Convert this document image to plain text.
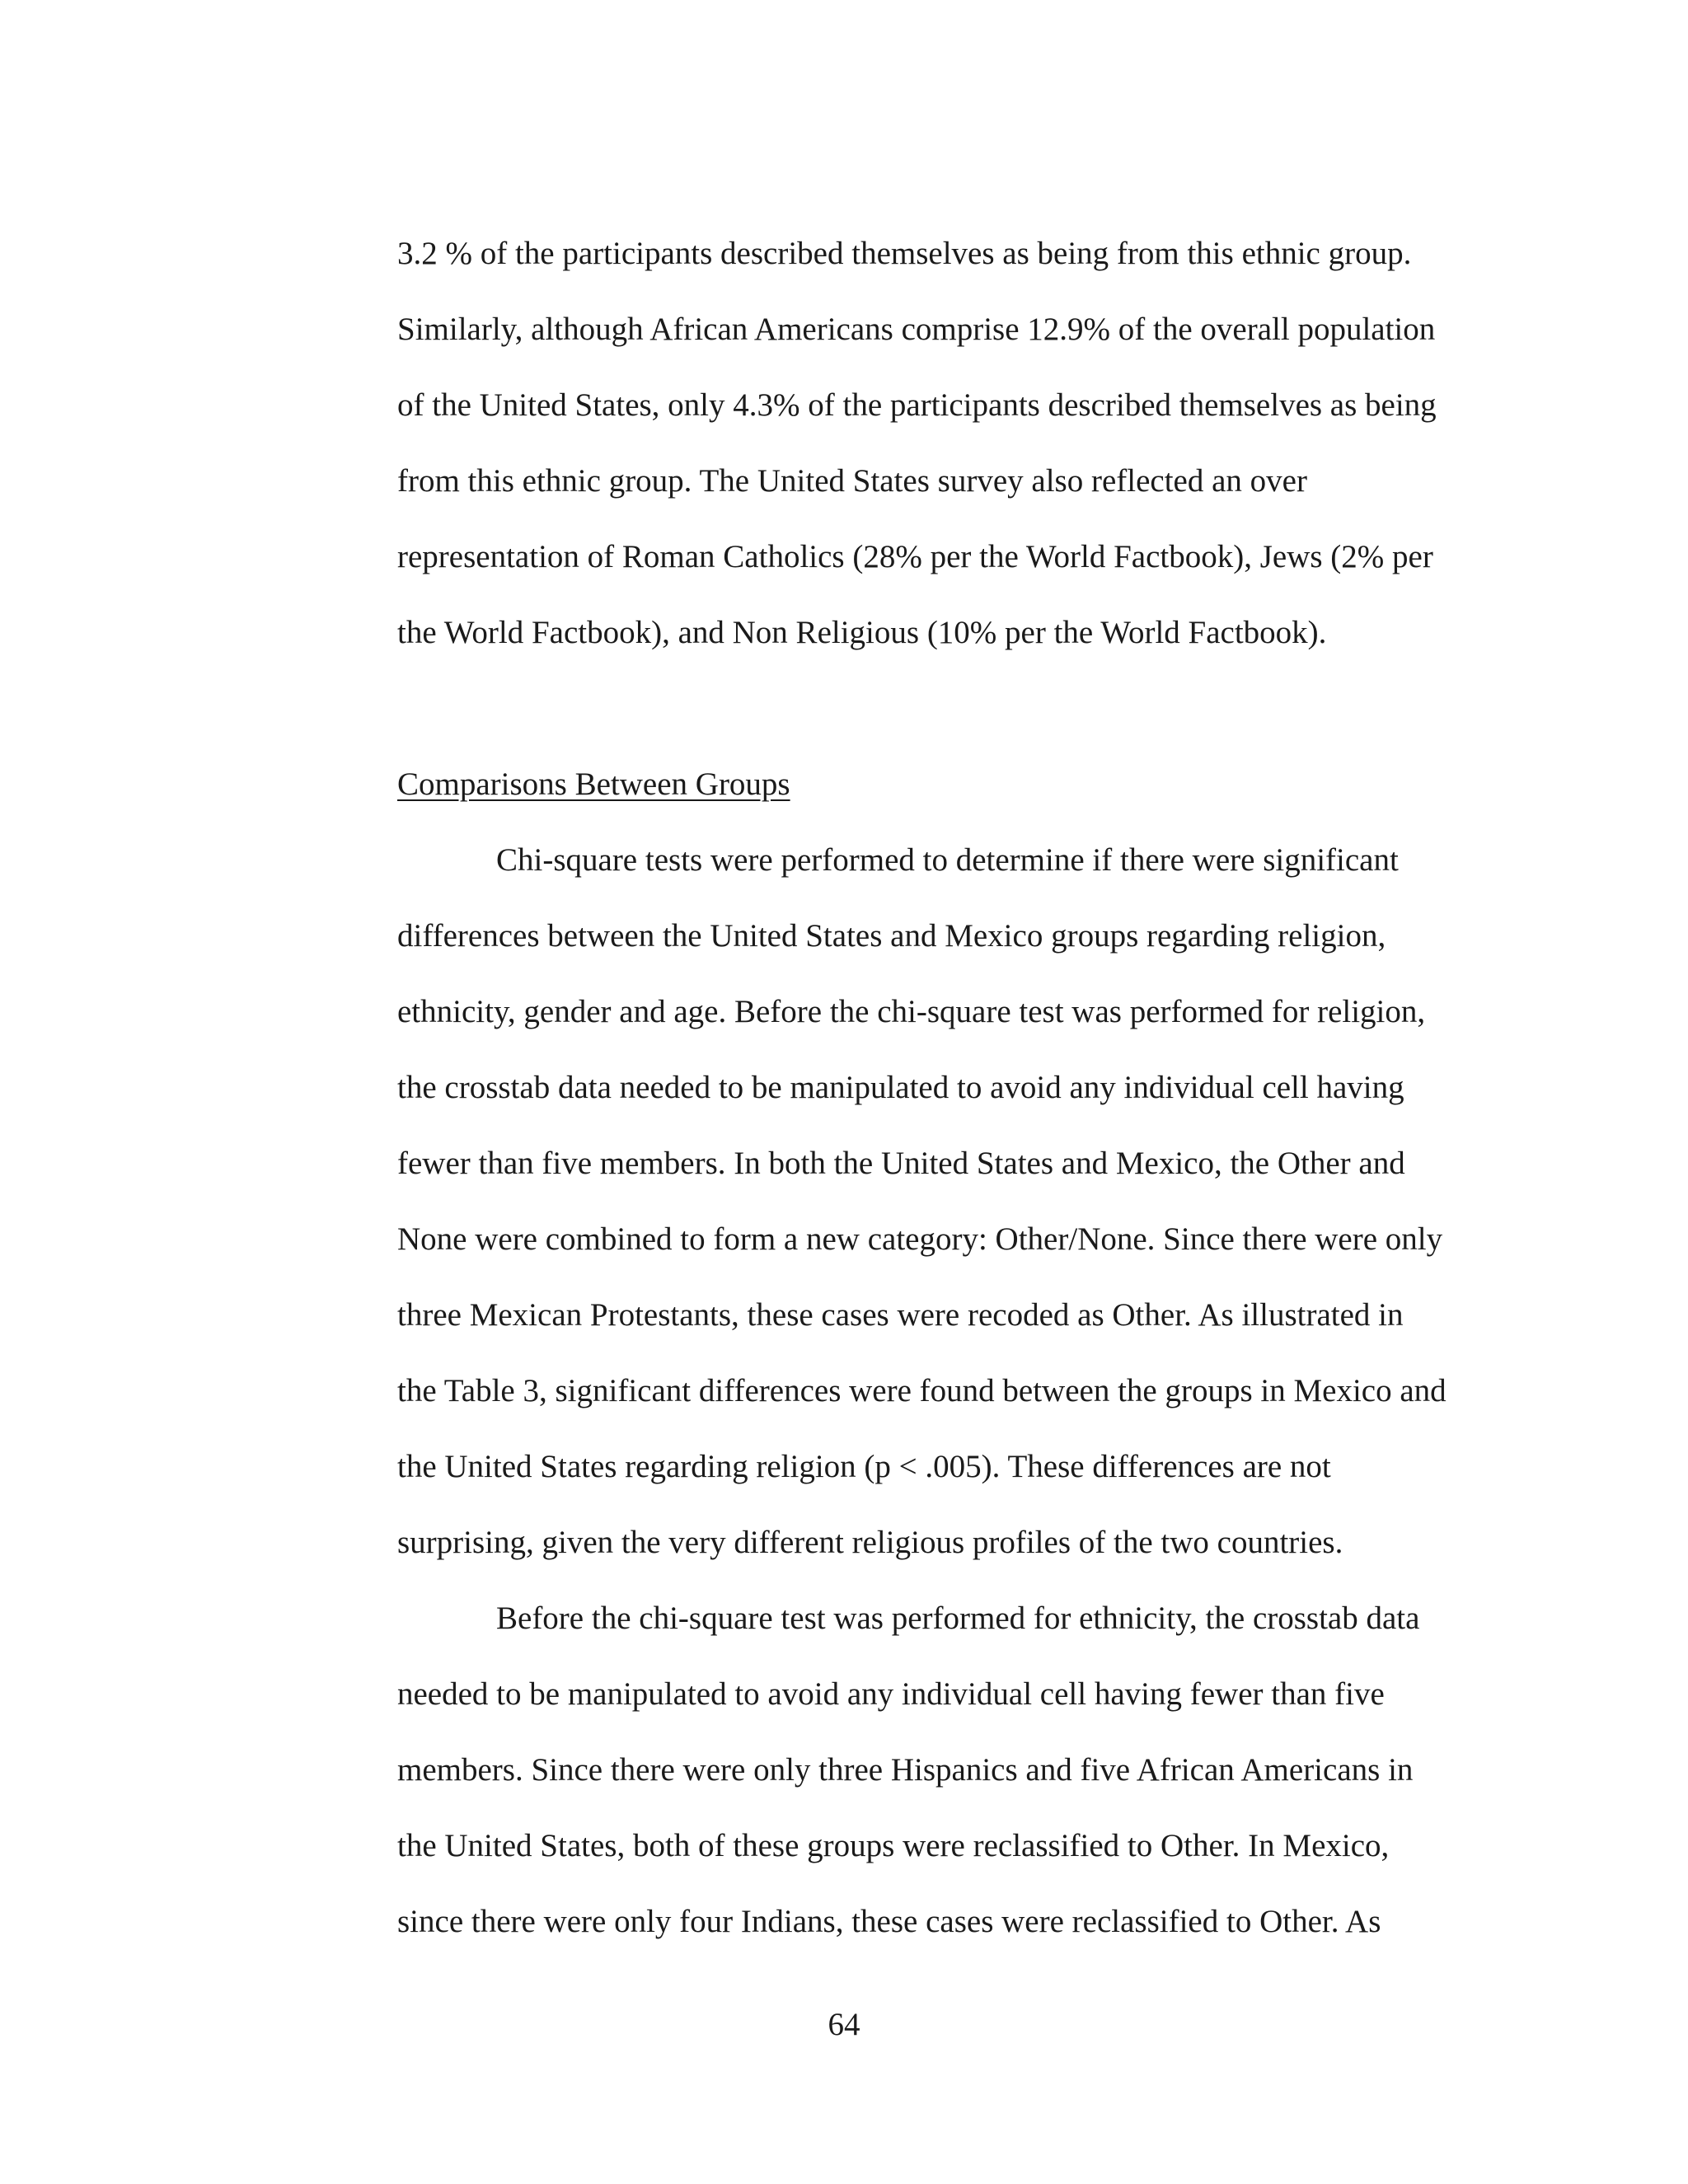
3.2 % of the participants described themselves as being from this ethnic group.
Similarly, although African Americans comprise 12.9% of the overall population
of the United States, only 4.3% of the participants described themselves as being
from this ethnic group. The United States survey also reflected an over
representation of Roman Catholics (28% per the World Factbook), Jews (2% per
the World Factbook), and Non Religious (10% per the World Factbook).
Comparisons Between Groups
Chi-square tests were performed to determine if there were significant
differences between the United States and Mexico groups regarding religion,
ethnicity, gender and age. Before the chi-square test was performed for religion,
the crosstab data needed to be manipulated to avoid any individual cell having
fewer than five members. In both the United States and Mexico, the Other and
None were combined to form a new category: Other/None. Since there were only
three Mexican Protestants, these cases were recoded as Other. As illustrated in
the Table 3, significant differences were found between the groups in Mexico and
the United States regarding religion (p < .005). These differences are not
surprising, given the very different religious profiles of the two countries.
Before the chi-square test was performed for ethnicity, the crosstab data
needed to be manipulated to avoid any individual cell having fewer than five
members. Since there were only three Hispanics and five African Americans in
the United States, both of these groups were reclassified to Other. In Mexico,
since there were only four Indians, these cases were reclassified to Other. As
64
